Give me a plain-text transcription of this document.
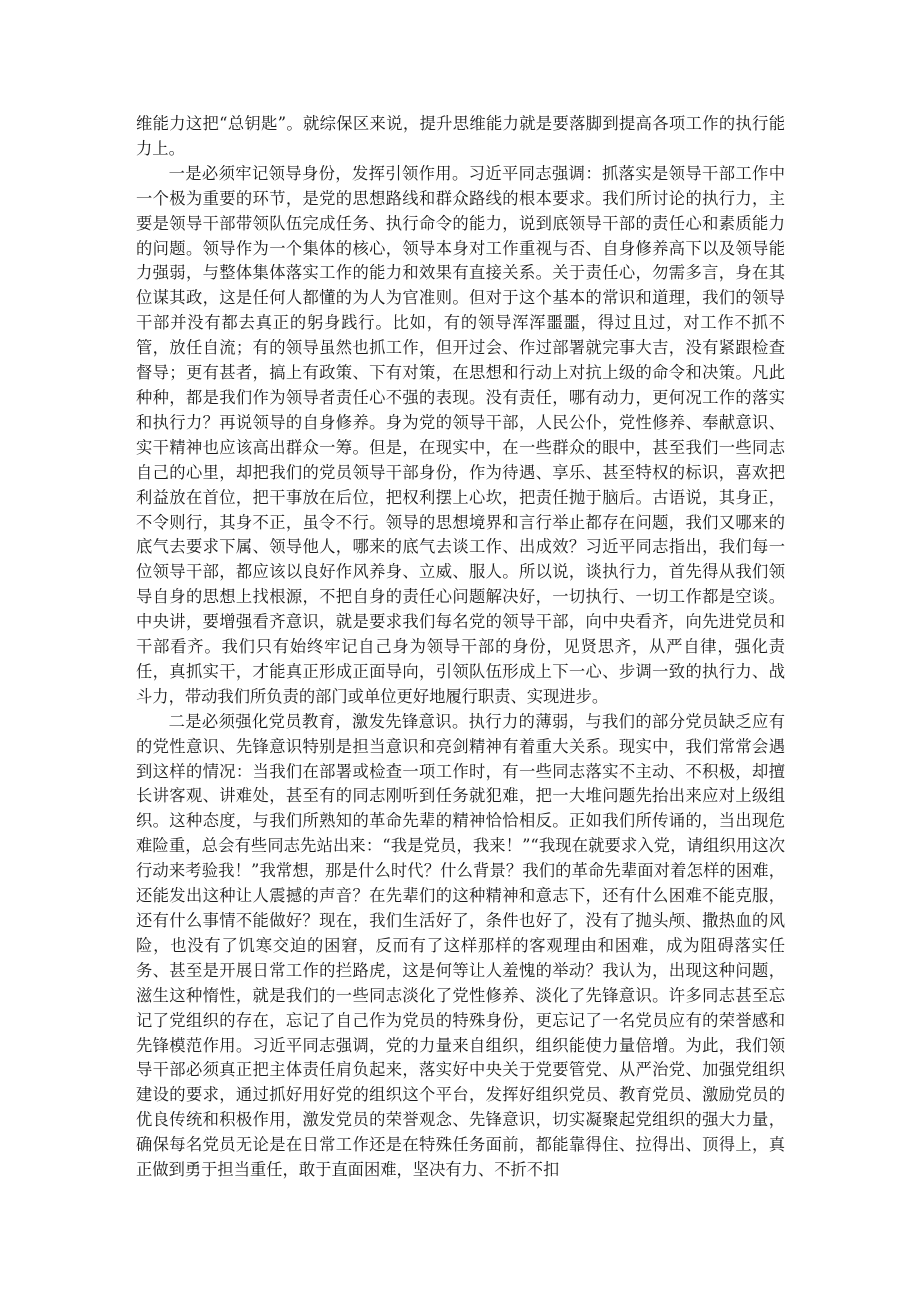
维能力这把“总钥匙”。就综保区来说，提升思维能力就是要落脚到提高各项工作的执行能力上。

一是必须牢记领导身份，发挥引领作用。习近平同志强调：抓落实是领导干部工作中一个极为重要的环节，是党的思想路线和群众路线的根本要求。我们所讨论的执行力，主要是领导干部带领队伍完成任务、执行命令的能力，说到底领导干部的责任心和素质能力的问题。领导作为一个集体的核心，领导本身对工作重视与否、自身修养高下以及领导能力强弱，与整体集体落实工作的能力和效果有直接关系。关于责任心，勿需多言，身在其位谋其政，这是任何人都懂的为人为官准则。但对于这个基本的常识和道理，我们的领导干部并没有都去真正的躬身践行。比如，有的领导浑浑噩噩，得过且过，对工作不抓不管，放任自流；有的领导虽然也抓工作，但开过会、作过部署就完事大吉，没有紧跟检查督导；更有甚者，搞上有政策、下有对策，在思想和行动上对抗上级的命令和决策。凡此种种，都是我们作为领导者责任心不强的表现。没有责任，哪有动力，更何况工作的落实和执行力？再说领导的自身修养。身为党的领导干部，人民公仆，党性修养、奉献意识、实干精神也应该高出群众一筹。但是，在现实中，在一些群众的眼中，甚至我们一些同志自己的心里，却把我们的党员领导干部身份，作为待遇、享乐、甚至特权的标识，喜欢把利益放在首位，把干事放在后位，把权利摆上心坎，把责任抛于脑后。古语说，其身正，不令则行，其身不正，虽令不行。领导的思想境界和言行举止都存在问题，我们又哪来的底气去要求下属、领导他人，哪来的底气去谈工作、出成效？习近平同志指出，我们每一位领导干部，都应该以良好作风养身、立威、服人。所以说，谈执行力，首先得从我们领导自身的思想上找根源，不把自身的责任心问题解决好，一切执行、一切工作都是空谈。中央讲，要增强看齐意识，就是要求我们每名党的领导干部，向中央看齐，向先进党员和干部看齐。我们只有始终牢记自己身为领导干部的身份，见贤思齐，从严自律，强化责任，真抓实干，才能真正形成正面导向，引领队伍形成上下一心、步调一致的执行力、战斗力，带动我们所负责的部门或单位更好地履行职责、实现进步。

二是必须强化党员教育，激发先锋意识。执行力的薄弱，与我们的部分党员缺乏应有的党性意识、先锋意识特别是担当意识和亮剑精神有着重大关系。现实中，我们常常会遇到这样的情况：当我们在部署或检查一项工作时，有一些同志落实不主动、不积极，却擅长讲客观、讲难处，甚至有的同志刚听到任务就犯难，把一大堆问题先抬出来应对上级组织。这种态度，与我们所熟知的革命先辈的精神恰恰相反。正如我们所传诵的，当出现危难险重，总会有些同志先站出来：“我是党员，我来！”“我现在就要求入党，请组织用这次行动来考验我！”我常想，那是什么时代？什么背景？我们的革命先辈面对着怎样的困难，还能发出这种让人震撼的声音？在先辈们的这种精神和意志下，还有什么困难不能克服，还有什么事情不能做好？现在，我们生活好了，条件也好了，没有了抛头颅、撒热血的风险，也没有了饥寒交迫的困窘，反而有了这样那样的客观理由和困难，成为阻碍落实任务、甚至是开展日常工作的拦路虎，这是何等让人羞愧的举动？我认为，出现这种问题，滋生这种惰性，就是我们的一些同志淡化了党性修养、淡化了先锋意识。许多同志甚至忘记了党组织的存在，忘记了自己作为党员的特殊身份，更忘记了一名党员应有的荣誉感和先锋模范作用。习近平同志强调，党的力量来自组织，组织能使力量倍增。为此，我们领导干部必须真正把主体责任肩负起来，落实好中央关于党要管党、从严治党、加强党组织建设的要求，通过抓好用好党的组织这个平台，发挥好组织党员、教育党员、激励党员的优良传统和积极作用，激发党员的荣誉观念、先锋意识，切实凝聚起党组织的强大力量，确保每名党员无论是在日常工作还是在特殊任务面前，都能靠得住、拉得出、顶得上，真正做到勇于担当重任，敢于直面困难，坚决有力、不折不扣
